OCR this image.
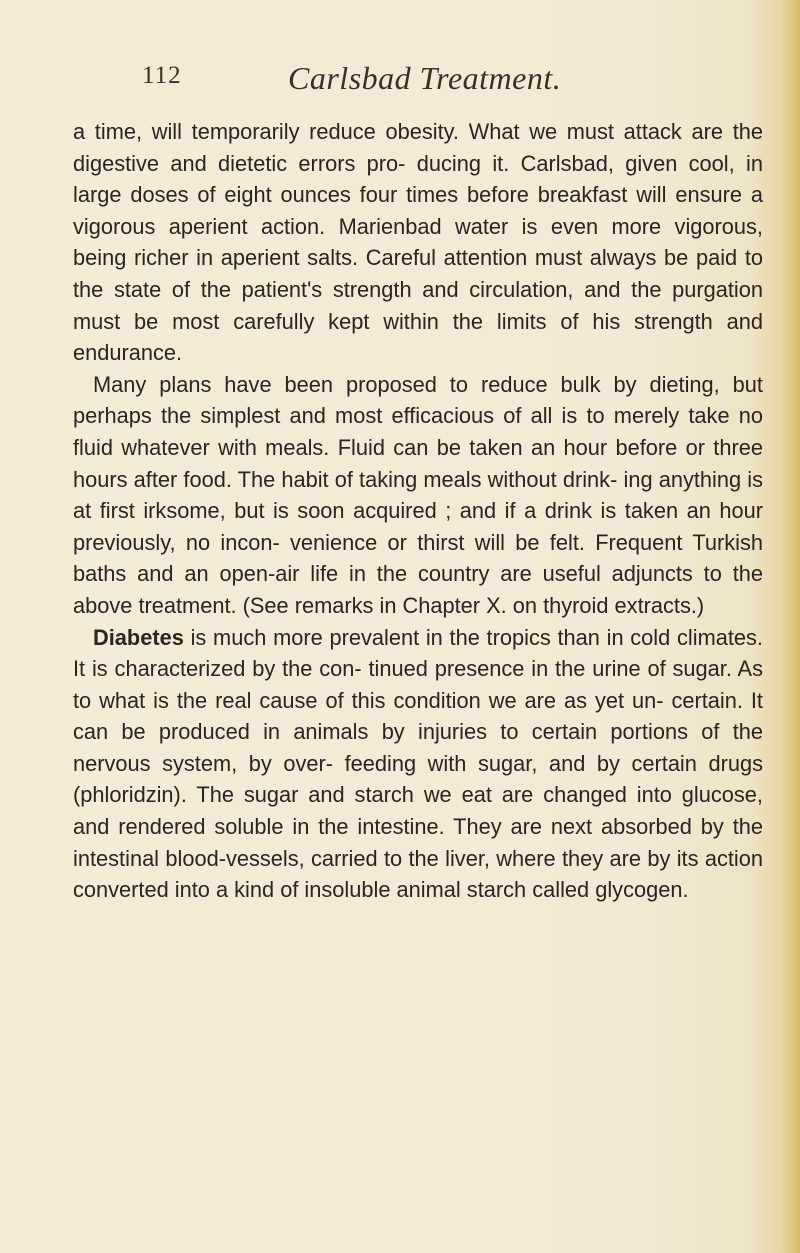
112	Carlsbad Treatment.

a time, will temporarily reduce obesity. What we must attack are the digestive and dietetic errors pro- ducing it. Carlsbad, given cool, in large doses of eight ounces four times before breakfast will ensure a vigorous aperient action. Marienbad water is even more vigorous, being richer in aperient salts. Careful attention must always be paid to the state of the patient's strength and circulation, and the purgation must be most carefully kept within the limits of his strength and endurance.

Many plans have been proposed to reduce bulk by dieting, but perhaps the simplest and most efficacious of all is to merely take no fluid whatever with meals. Fluid can be taken an hour before or three hours after food. The habit of taking meals without drink- ing anything is at first irksome, but is soon acquired ; and if a drink is taken an hour previously, no incon- venience or thirst will be felt. Frequent Turkish baths and an open-air life in the country are useful adjuncts to the above treatment. (See remarks in Chapter X. on thyroid extracts.)

Diabetes is much more prevalent in the tropics than in cold climates. It is characterized by the con- tinued presence in the urine of sugar. As to what is the real cause of this condition we are as yet un- certain. It can be produced in animals by injuries to certain portions of the nervous system, by over- feeding with sugar, and by certain drugs (phloridzin). The sugar and starch we eat are changed into glucose, and rendered soluble in the intestine. They are next absorbed by the intestinal blood-vessels, carried to the liver, where they are by its action converted into a kind of insoluble animal starch called glycogen.
